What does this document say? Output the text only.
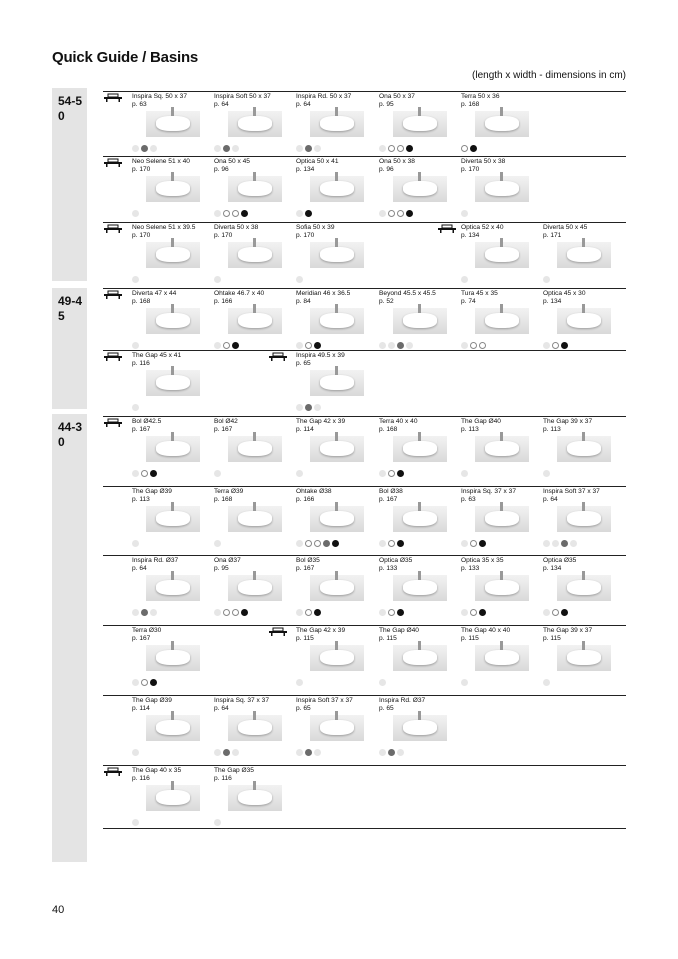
Quick Guide / Basins
(length x width - dimensions in cm)
40
54-50
Inspira Sq. 50 x 37
p. 63
Inspira Soft 50 x 37
p. 64
Inspira Rd. 50 x 37
p. 64
Ona 50 x 37
p. 95
Terra 50 x 36
p. 168
Neo Selene 51 x 40
p. 170
Ona 50 x 45
p. 96
Optica 50 x 41
p. 134
Ona 50 x 38
p. 96
Diverta 50 x 38
p. 170
Neo Selene 51 x 39.5
p. 170
Diverta 50 x 38
p. 170
Sofia 50 x 39
p. 170
Optica 52 x 40
p. 134
Diverta 50 x 45
p. 171
49-45
Diverta 47 x 44
p. 168
Ohtake 46.7 x 40
p. 166
Meridian 46 x 36.5
p. 84
Beyond 45.5 x 45.5
p. 52
Tura 45 x 35
p. 74
Optica 45 x 30
p. 134
The Gap 45 x 41
p. 116
Inspira 49.5 x 39
p. 65
44-30
Bol Ø42.5
p. 167
Bol Ø42
p. 167
The Gap 42 x 39
p. 114
Terra 40 x 40
p. 168
The Gap Ø40
p. 113
The Gap 39 x 37
p. 113
The Gap Ø39
p. 113
Terra Ø39
p. 168
Ohtake Ø38
p. 166
Bol Ø38
p. 167
Inspira Sq. 37 x 37
p. 63
Inspira Soft 37 x 37
p. 64
Inspira Rd. Ø37
p. 64
Ona Ø37
p. 95
Bol Ø35
p. 167
Optica Ø35
p. 133
Optica 35 x 35
p. 133
Optica Ø35
p. 134
Terra Ø30
p. 167
The Gap 42 x 39
p. 115
The Gap Ø40
p. 115
The Gap 40 x 40
p. 115
The Gap 39 x 37
p. 115
The Gap Ø39
p. 114
Inspira Sq. 37 x 37
p. 64
Inspira Soft 37 x 37
p. 65
Inspira Rd. Ø37
p. 65
The Gap 40 x 35
p. 116
The Gap Ø35
p. 116
